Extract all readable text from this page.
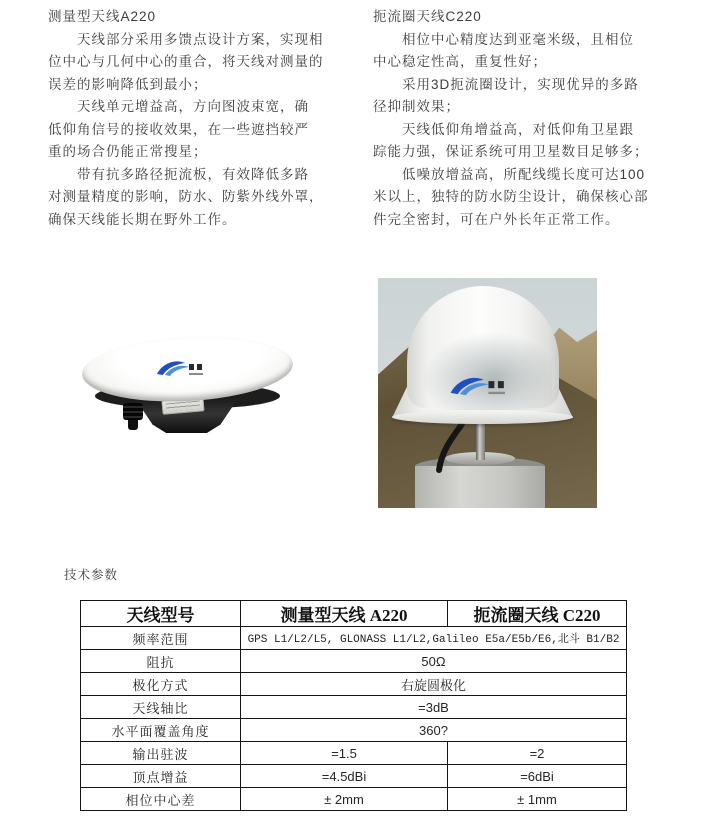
测量型天线A220
　　天线部分采用多馈点设计方案，实现相
位中心与几何中心的重合，将天线对测量的
误差的影响降低到最小；
　　天线单元增益高，方向图波束宽，确
低仰角信号的接收效果，在一些遮挡较严
重的场合仍能正常搜星；
　　带有抗多路径扼流板，有效降低多路
对测量精度的影响，防水、防紫外线外罩，
确保天线能长期在野外工作。
扼流圈天线C220
　　相位中心精度达到亚毫米级，且相位
中心稳定性高，重复性好；
　　采用3D扼流圈设计，实现优异的多路
径抑制效果；
　　天线低仰角增益高，对低仰角卫星跟
踪能力强，保证系统可用卫星数目足够多；
　　低噪放增益高，所配线缆长度可达100
米以上，独特的防水防尘设计，确保核心部
件完全密封，可在户外长年正常工作。
技术参数
天线型号	测量型天线 A220	扼流圈天线 C220
频率范围	GPS L1/L2/L5, GLONASS L1/L2,Galileo E5a/E5b/E6,北斗 B1/B2	
阻抗	50Ω	
极化方式	右旋圆极化	
天线轴比	=3dB	
水平面覆盖角度	360?	
输出驻波	=1.5	=2
顶点增益	=4.5dBi	=6dBi
相位中心差	± 2mm	± 1mm
